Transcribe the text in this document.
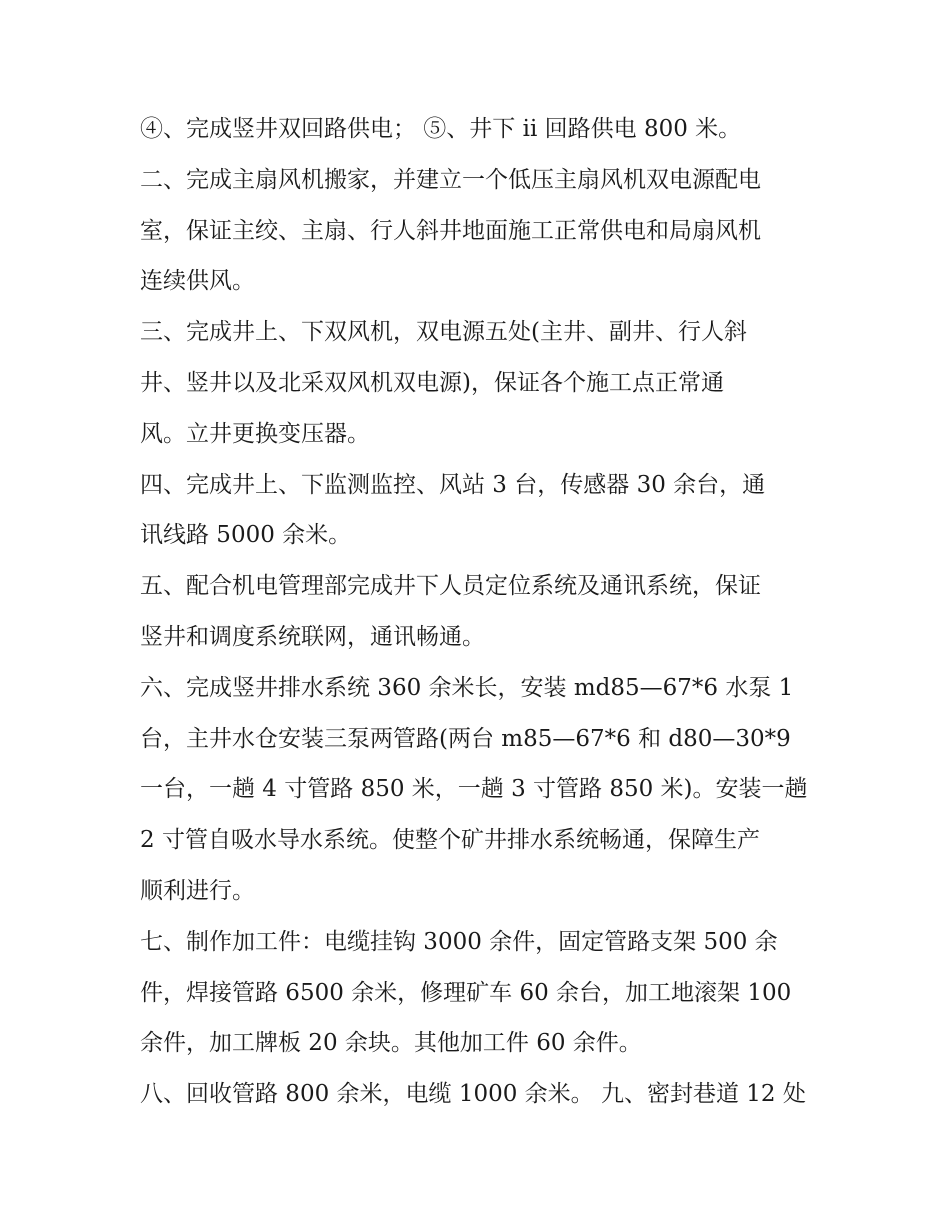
④、完成竖井双回路供电； ⑤、井下 ii 回路供电 800 米。
二、完成主扇风机搬家，并建立一个低压主扇风机双电源配电
室，保证主绞、主扇、行人斜井地面施工正常供电和局扇风机
连续供风。
三、完成井上、下双风机，双电源五处(主井、副井、行人斜
井、竖井以及北采双风机双电源)，保证各个施工点正常通
风。立井更换变压器。
四、完成井上、下监测监控、风站 3 台，传感器 30 余台，通
讯线路 5000 余米。
五、配合机电管理部完成井下人员定位系统及通讯系统，保证
竖井和调度系统联网，通讯畅通。
六、完成竖井排水系统 360 余米长，安装 md85—67*6 水泵 1
台，主井水仓安装三泵两管路(两台 m85—67*6 和 d80—30*9
一台，一趟 4 寸管路 850 米，一趟 3 寸管路 850 米)。安装一趟
2 寸管自吸水导水系统。使整个矿井排水系统畅通，保障生产
顺利进行。
七、制作加工件：电缆挂钩 3000 余件，固定管路支架 500 余
件，焊接管路 6500 余米，修理矿车 60 余台，加工地滚架 100
余件，加工牌板 20 余块。其他加工件 60 余件。
八、回收管路 800 余米，电缆 1000 余米。 九、密封巷道 12 处
